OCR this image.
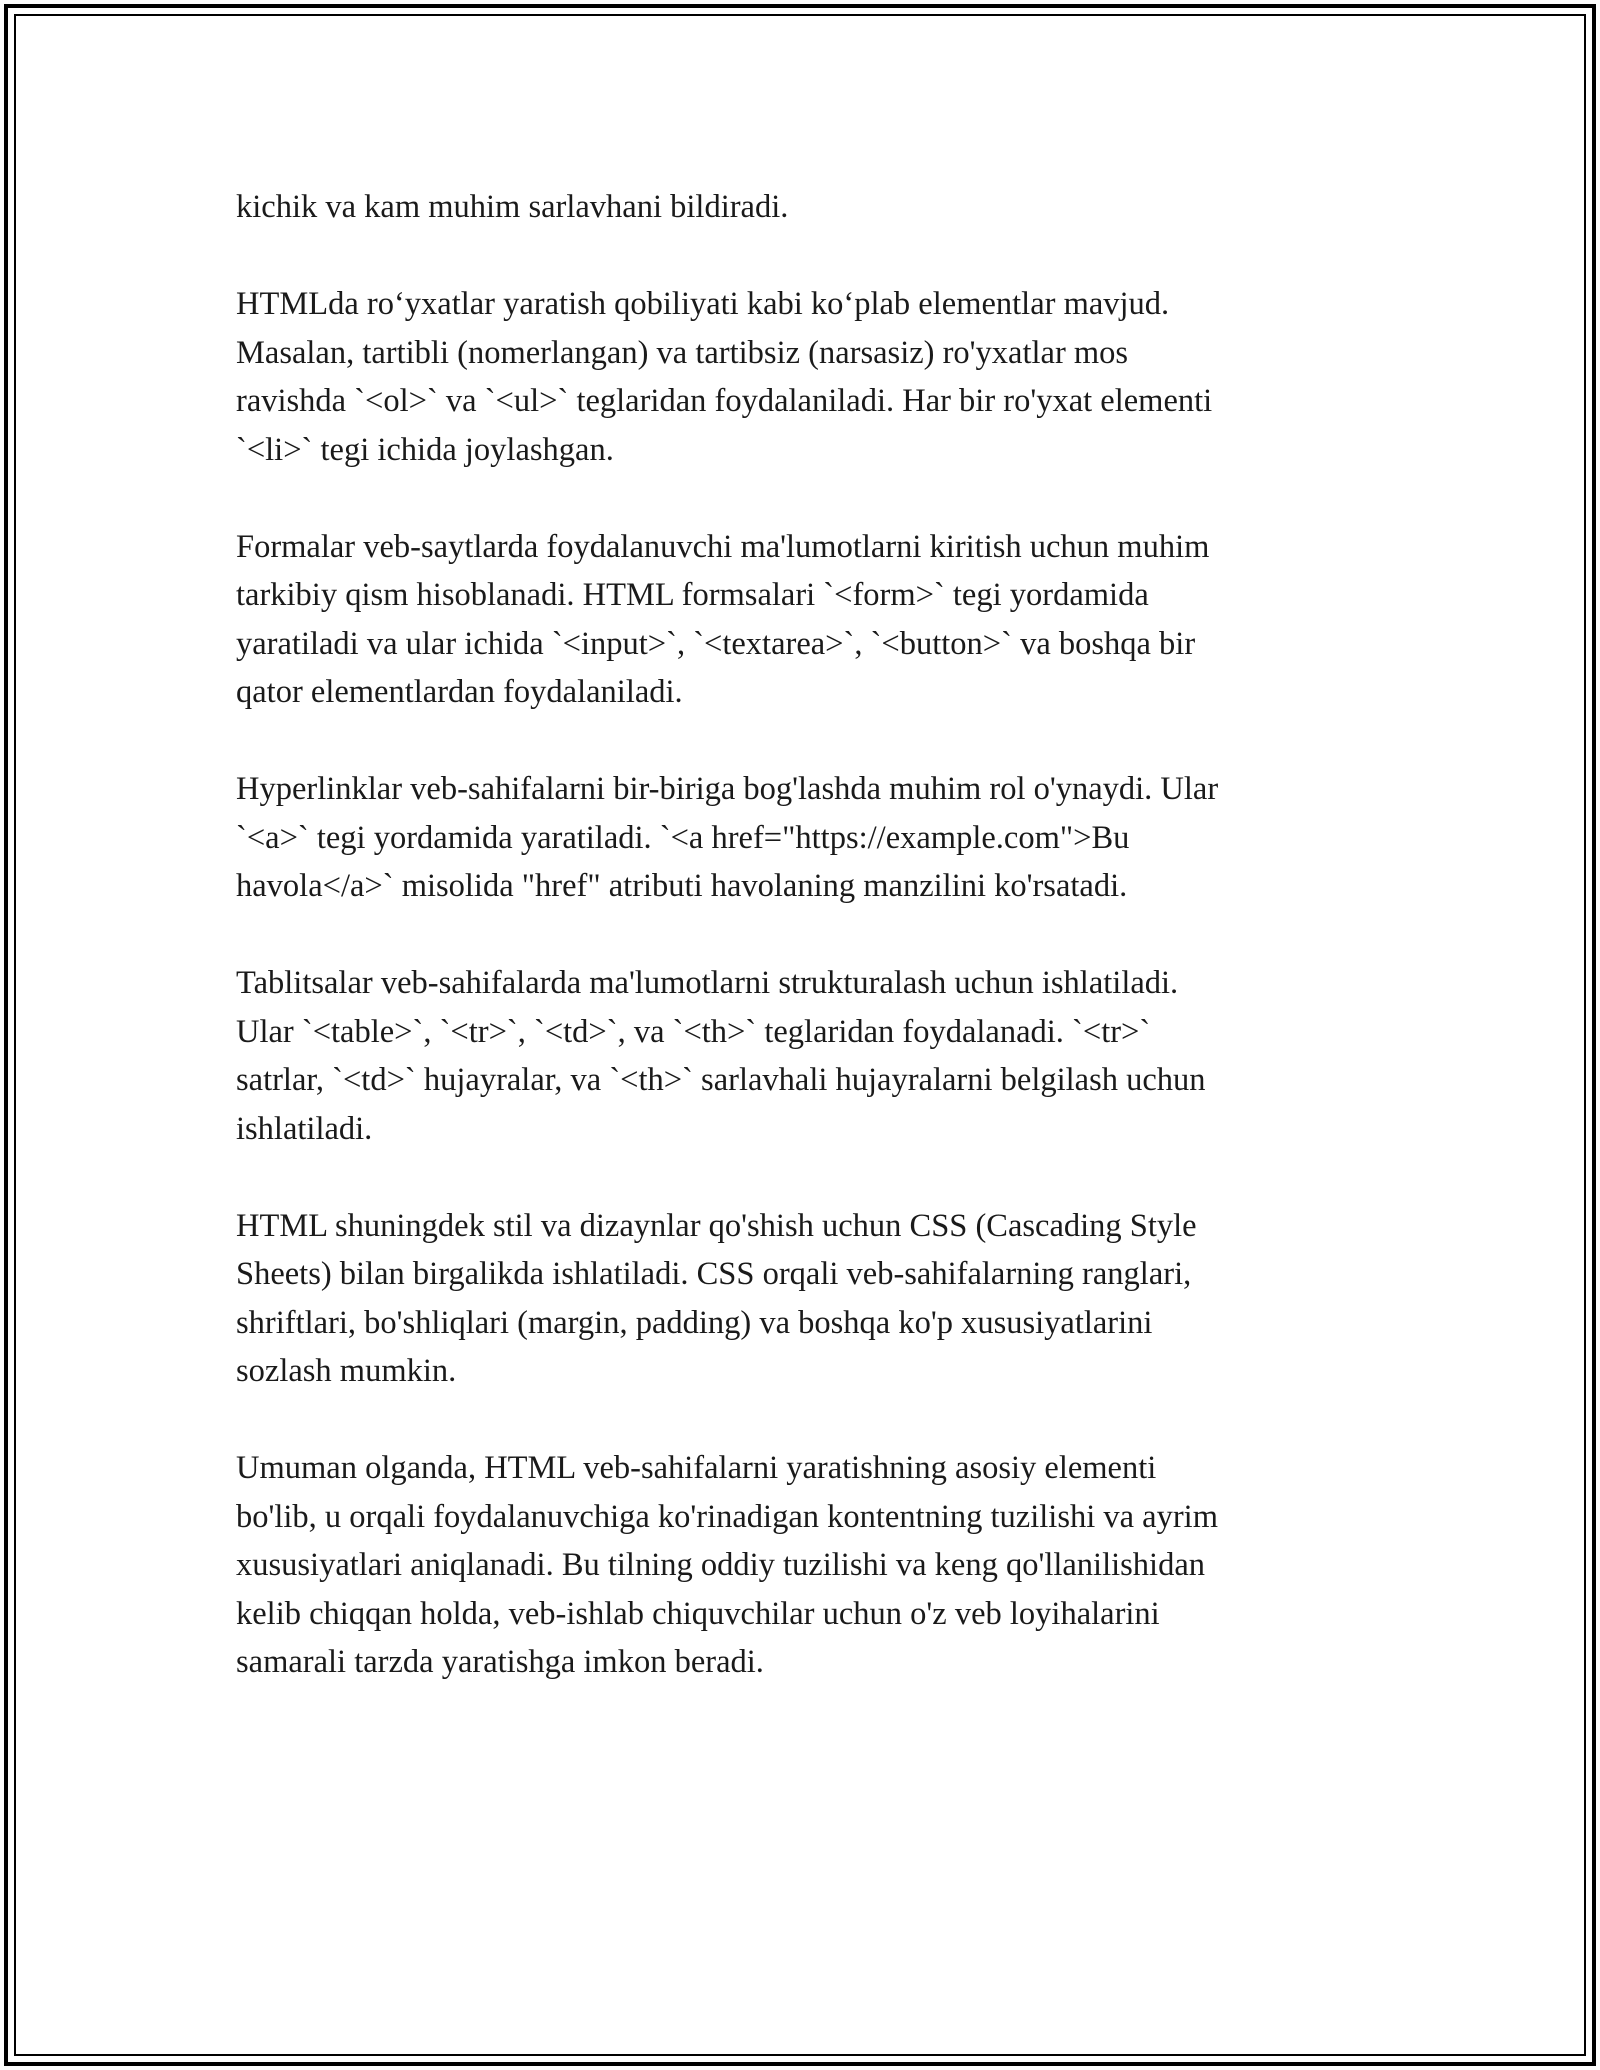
kichik va kam muhim sarlavhani bildiradi.

HTMLda ro‘yxatlar yaratish qobiliyati kabi ko‘plab elementlar mavjud.
Masalan, tartibli (nomerlangan) va tartibsiz (narsasiz) ro'yxatlar mos
ravishda `<ol>` va `<ul>` teglaridan foydalaniladi. Har bir ro'yxat elementi
`<li>` tegi ichida joylashgan.

Formalar veb-saytlarda foydalanuvchi ma'lumotlarni kiritish uchun muhim
tarkibiy qism hisoblanadi. HTML formsalari `<form>` tegi yordamida
yaratiladi va ular ichida `<input>`, `<textarea>`, `<button>` va boshqa bir
qator elementlardan foydalaniladi.

Hyperlinklar veb-sahifalarni bir-biriga bog'lashda muhim rol o'ynaydi. Ular
`<a>` tegi yordamida yaratiladi. `<a href="https://example.com">Bu
havola</a>` misolida "href" atributi havolaning manzilini ko'rsatadi.

Tablitsalar veb-sahifalarda ma'lumotlarni strukturalash uchun ishlatiladi.
Ular `<table>`, `<tr>`, `<td>`, va `<th>` teglaridan foydalanadi. `<tr>`
satrlar, `<td>` hujayralar, va `<th>` sarlavhali hujayralarni belgilash uchun
ishlatiladi.

HTML shuningdek stil va dizaynlar qo'shish uchun CSS (Cascading Style
Sheets) bilan birgalikda ishlatiladi. CSS orqali veb-sahifalarning ranglari,
shriftlari, bo'shliqlari (margin, padding) va boshqa ko'p xususiyatlarini
sozlash mumkin.

Umuman olganda, HTML veb-sahifalarni yaratishning asosiy elementi
bo'lib, u orqali foydalanuvchiga ko'rinadigan kontentning tuzilishi va ayrim
xususiyatlari aniqlanadi. Bu tilning oddiy tuzilishi va keng qo'llanilishidan
kelib chiqqan holda, veb-ishlab chiquvchilar uchun o'z veb loyihalarini
samarali tarzda yaratishga imkon beradi.
